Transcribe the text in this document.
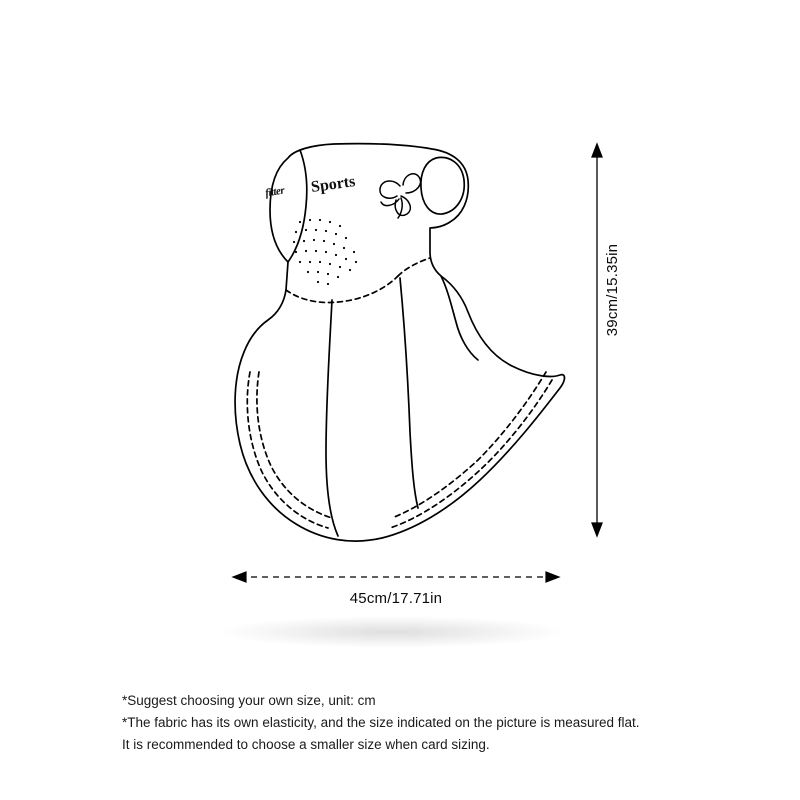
fitter Sports
39cm/15.35in
45cm/17.71in
*Suggest choosing your own size, unit: cm
*The fabric has its own elasticity, and the size indicated on the picture is measured flat.
It is recommended to choose a smaller size when card sizing.
